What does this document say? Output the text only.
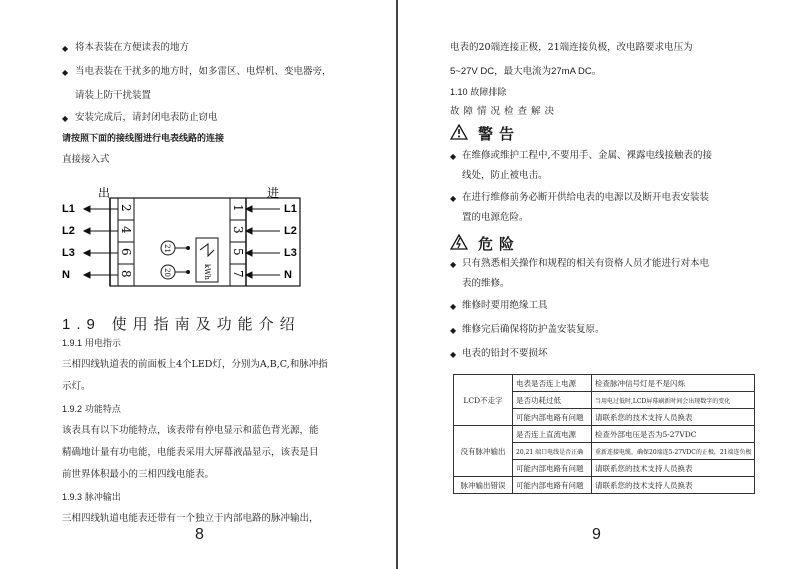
◆ 将本表装在方便读表的地方
◆ 当电表装在干扰多的地方时，如多雷区、电焊机、变电器旁，
请装上防干扰装置
◆ 安装完成后，请封闭电表防止窃电
请按照下面的接线图进行电表线路的连接
直接接入式
出	进
L1
L2
L3
N
2
4
6
8
1
3
5
7
21
20	kWh
L1
L2
L3
N
1.9 使用指南及功能介绍
1.9.1 用电指示
三相四线轨道表的前面板上4个LED灯，分别为A,B,C,和脉冲指
示灯。
1.9.2 功能特点
该表具有以下功能特点，该表带有停电显示和蓝色背光源，能
精确地计量有功电能，电能表采用大屏幕液晶显示，该表是目
前世界体积最小的三相四线电能表。
1.9.3 脉冲输出
三相四线轨道电能表还带有一个独立于内部电路的脉冲输出，
8
电表的20端连接正极，21端连接负极，改电路要求电压为
5~27V DC，最大电流为27mA DC。
1.10 故障排除
故障情况检查解决
警告
◆ 在维修或维护工程中,不要用手、金属、裸露电线接触表的接
线处，防止被电击。
◆ 在进行维修前务必断开供给电表的电源以及断开电表安装装
置的电源危险。
危险
◆ 只有熟悉相关操作和规程的相关有资格人员才能进行对本电
表的维修。
◆ 维修时要用绝缘工具
◆ 维修完后确保将防护盖安装复原。
◆ 电表的铅封不要损坏
LCD不走字	电表是否连上电源	检查脉冲信号灯是不是闪烁
	是否功耗过低	当用电过低时,LCD屏幕刷新时间会出现数字的变化
	可能内部电路有问题	请联系您的技术支持人员换表
没有脉冲输出	是否连上直流电源	检查外部电压是否为5-27VDC
	20,21 端口电线是否正确	重新连接电缆，确保20端连5-27VDC的正极，21端连负极
	可能内部电路有问题	请联系您的技术支持人员换表
脉冲输出错误	可能内部电路有问题	请联系您的技术支持人员换表
9
